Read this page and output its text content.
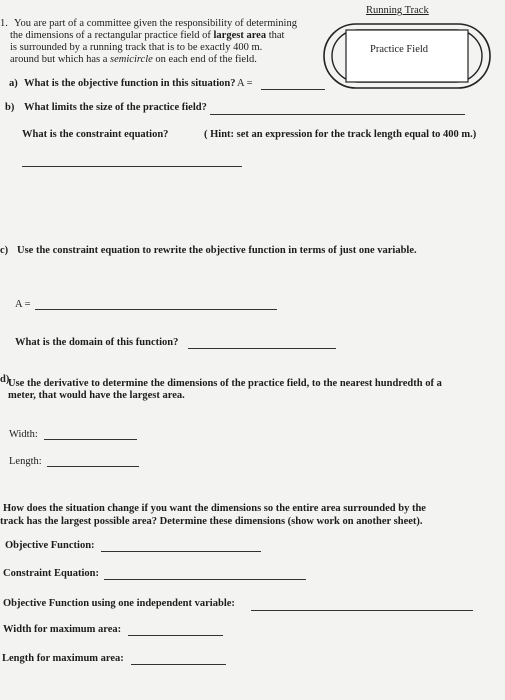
1. You are part of a committee given the responsibility of determining
the dimensions of a rectangular practice field of largest area that
is surrounded by a running track that is to be exactly 400 m.
around but which has a semicircle on each end of the field.
Running Track
Practice Field
a) What is the objective function in this situation? A =
b) What limits the size of the practice field?
What is the constraint equation?	( Hint: set an expression for the track length equal to 400 m.)
c) Use the constraint equation to rewrite the objective function in terms of just one variable.
A =
What is the domain of this function?
d)
Use the derivative to determine the dimensions of the practice field, to the nearest hundredth of a
meter, that would have the largest area.
Width:
Length:
How does the situation change if you want the dimensions so the entire area surrounded by the
track has the largest possible area? Determine these dimensions (show work on another sheet).
Objective Function:
Constraint Equation:
Objective Function using one independent variable:
Width for maximum area:
Length for maximum area:
